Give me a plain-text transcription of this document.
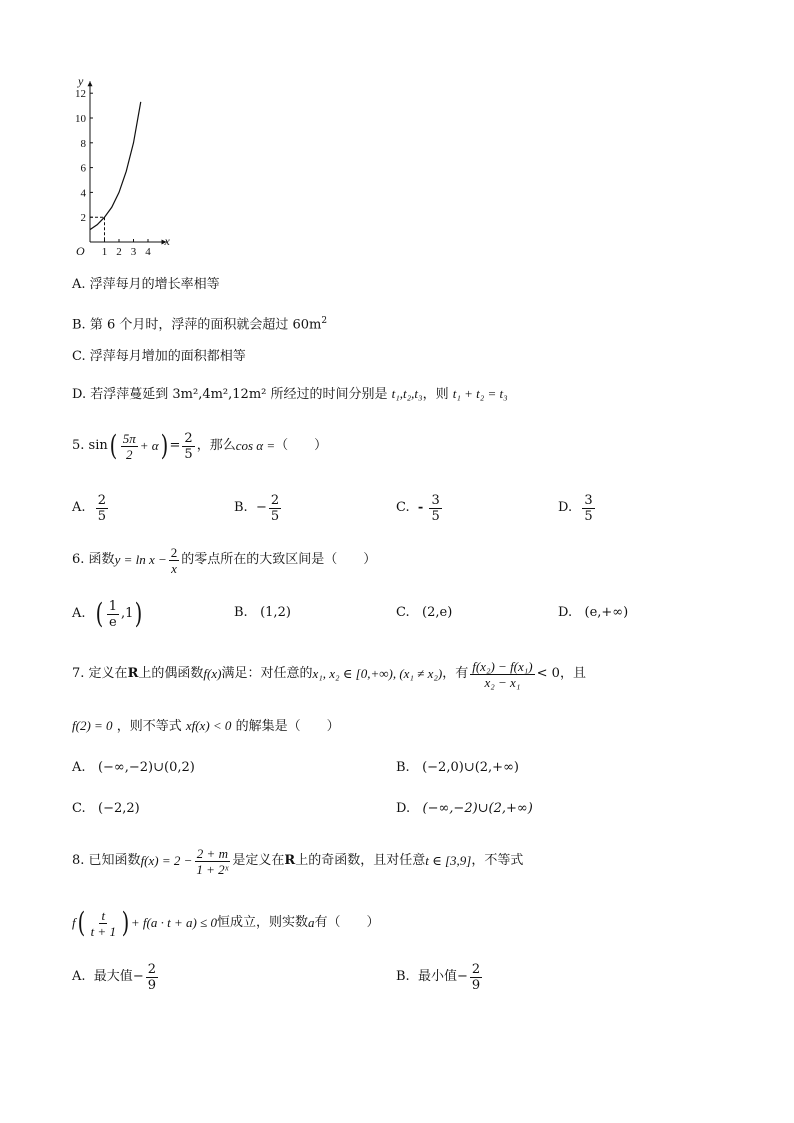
x
y
O 1 2 3 4
2
4
6
8
10
12
A. 浮萍每月的增长率相等
B. 第 6 个月时，浮萍的面积就会超过 $60m^2$
C. 浮萍每月增加的面积都相等
D. 若浮萍蔓延到 3m²,4m²,12m² 所经过的时间分别是 t₁,t₂,t₃，则 t₁ + t₂ = t₃
5.
sin ( $\frac{5\pi}{2} + \alpha$ ) = $\frac{2}{5}$ ，那么 cos α = （　　）
A.
$\frac{2}{5}$	B.
− $\frac{2}{5}$	C.
-
$\frac{3}{5}$	D.
$\frac{3}{5}$
6.
函数 $y = \ln x - \frac{2}{x}$ 的零点所在的大致区间是（　　）
A.
( $\frac{1}{e} ,1$ )	B. (1,2)	C. (2,e)	D. (e,+∞)
7.
定义在 R 上的偶函数 f(x) 满足：对任意的 x₁, x₂ ∈ [0,+∞), (x₁ ≠ x₂) ，有 $\frac{\text{f(x₂) − f(x₁)}}{\text{x₂ − x₁}} < 0$ ，且
f(2) = 0 ，则不等式 xf(x) < 0 的解集是（　　）
A. (−∞,−2)∪(0,2)	B. (−2,0)∪(2,+∞)
C. (−2,2)	D. (−∞,−2)∪(2,+∞)
8.
已知函数 $f(x) = 2 - \frac{2 + m}{\text{1 + 2ˣ}}$ 是定义在 R 上的奇函数，且对任意 t ∈ [3,9] ，不等式
f ( $\frac{t}{t + 1}$ ) + f(a · t + a) ≤ 0 恒成立，则实数 a 有（　　）
A.
最大值 − $\frac{2}{9}$	B.
最小值 − $\frac{2}{9}$
